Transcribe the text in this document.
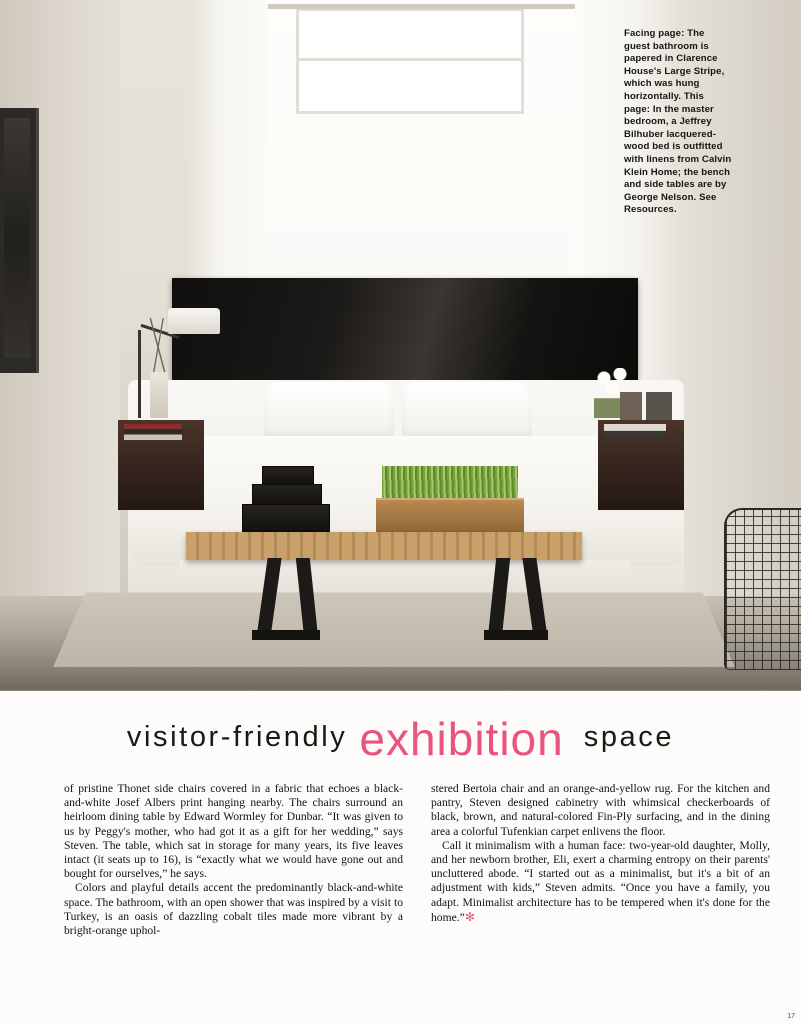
Facing page: The guest bathroom is papered in Clarence House's Large Stripe, which was hung horizontally. This page: In the master bedroom, a Jeffrey Bilhuber lacquered-wood bed is outfitted with linens from Calvin Klein Home; the bench and side tables are by George Nelson. See Resources.
visitor-friendly exhibition space

of pristine Thonet side chairs covered in a fabric that echoes a black-and-white Josef Albers print hanging nearby. The chairs surround an heirloom dining table by Edward Wormley for Dunbar. “It was given to us by Peggy's mother, who had got it as a gift for her wedding,” says Steven. The table, which sat in storage for many years, its five leaves intact (it seats up to 16), is “exactly what we would have gone out and bought for ourselves,” he says.

Colors and playful details accent the predominantly black-and-white space. The bathroom, with an open shower that was inspired by a visit to Turkey, is an oasis of dazzling cobalt tiles made more vibrant by a bright-orange uphol-

stered Bertoia chair and an orange-and-yellow rug. For the kitchen and pantry, Steven designed cabinetry with whimsical checkerboards of black, brown, and natural-colored Fin-Ply surfacing, and in the dining area a colorful Tufenkian carpet enlivens the floor.

Call it minimalism with a human face: two-year-old daughter, Molly, and her newborn brother, Eli, exert a charming entropy on their parents' uncluttered abode. “I started out as a minimalist, but it's a bit of an adjustment with kids,” Steven admits. “Once you have a family, you adapt. Minimalist architecture has to be tempered when it's done for the home.”✻

17
